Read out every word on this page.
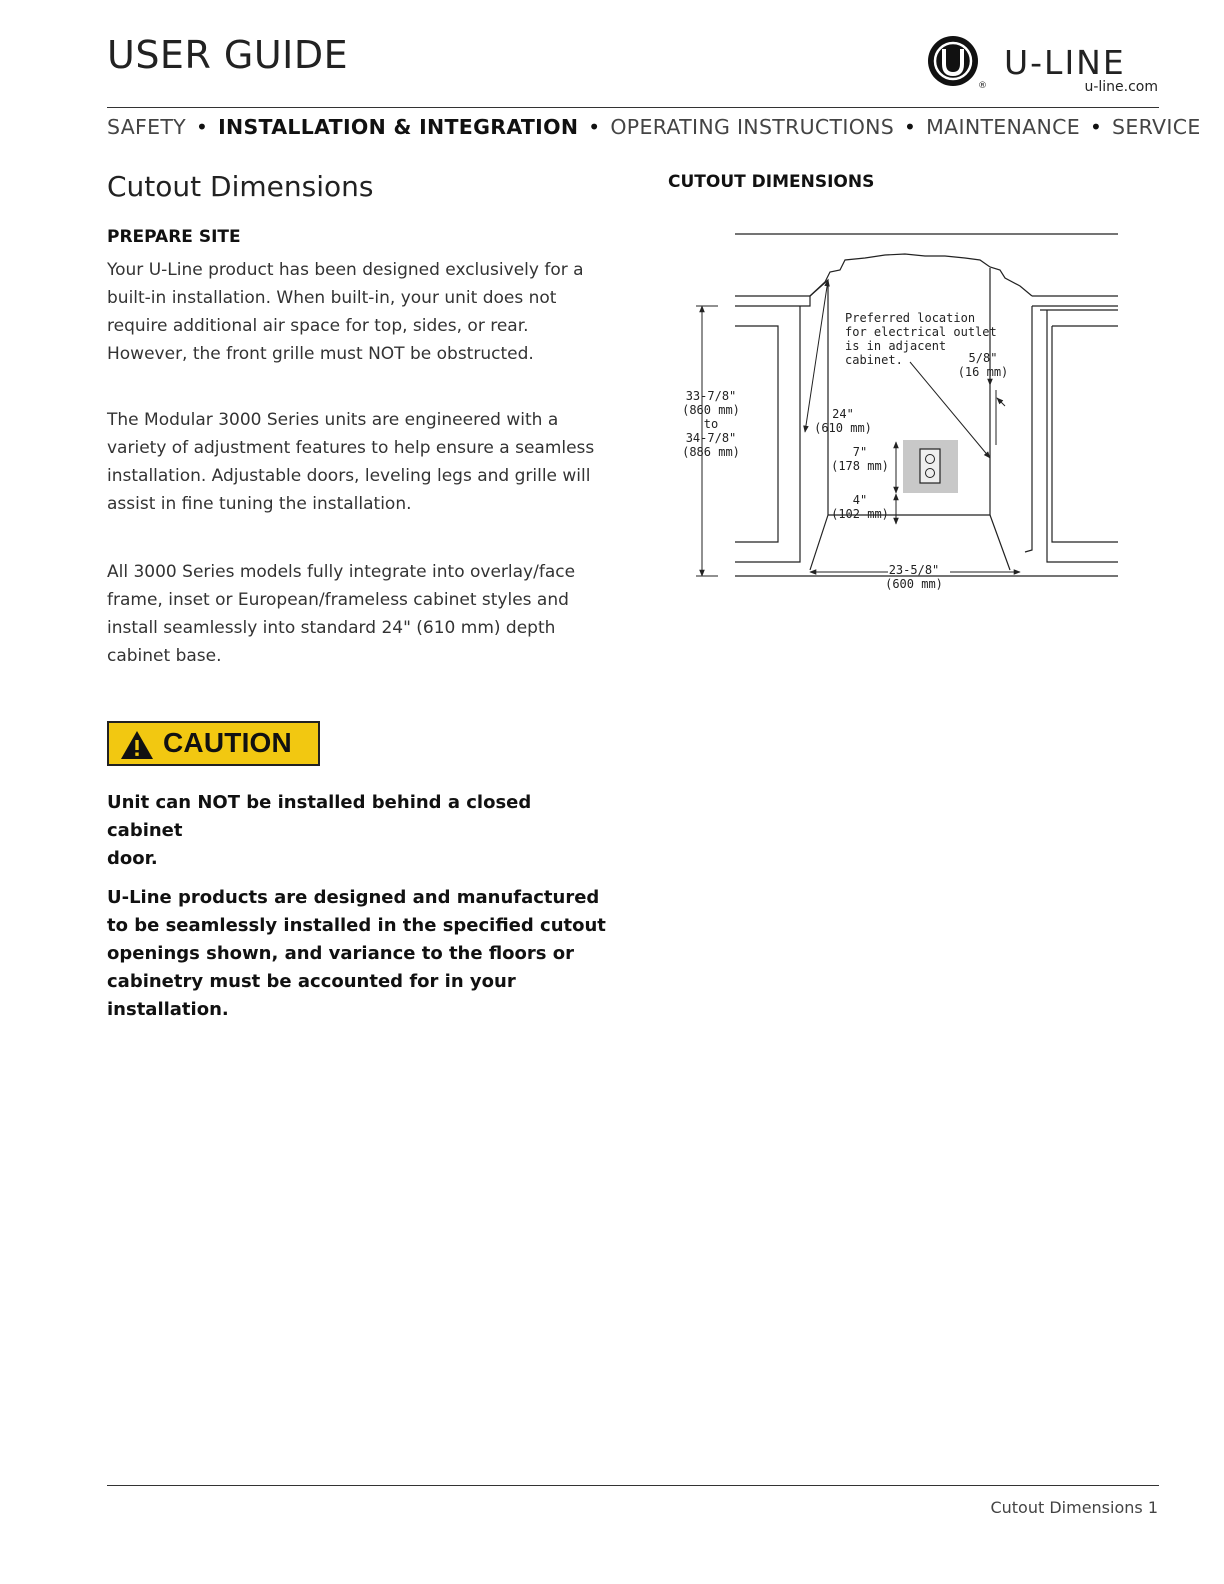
USER GUIDE
®
U-LINE
u-line.com
SAFETY • INSTALLATION & INTEGRATION • OPERATING INSTRUCTIONS • MAINTENANCE • SERVICE
Cutout Dimensions
PREPARE SITE

Your U-Line product has been designed exclusively for a
built-in installation. When built-in, your unit does not
require additional air space for top, sides, or rear.
However, the front grille must NOT be obstructed.

The Modular 3000 Series units are engineered with a
variety of adjustment features to help ensure a seamless
installation. Adjustable doors, leveling legs and grille will
assist in fine tuning the installation.

All 3000 Series models fully integrate into overlay/face
frame, inset or European/frameless cabinet styles and
install seamlessly into standard 24" (610 mm) depth
cabinet base.

CAUTION

Unit can NOT be installed behind a closed cabinet
door.

U-Line products are designed and manufactured
to be seamlessly installed in the specified cutout
openings shown, and variance to the floors or
cabinetry must be accounted for in your
installation.

CUTOUT DIMENSIONS
Preferred location
for electrical outlet
is in adjacent
cabinet.
33-7/8"
(860 mm)
to
34-7/8"
(886 mm)
24"
(610 mm)
7"
(178 mm)
4"
(102 mm)
23-5/8"
(600 mm)
5/8"
(16 mm)
Cutout Dimensions 1
